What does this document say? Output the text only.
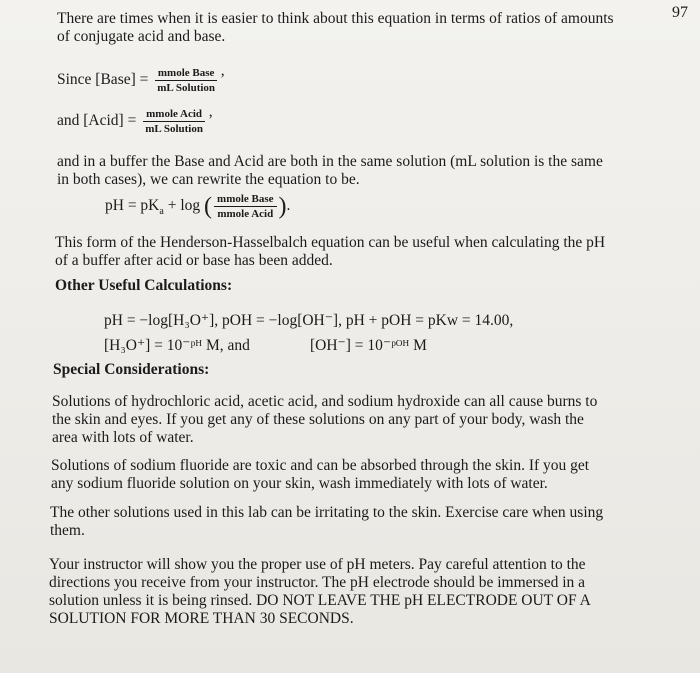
97
There are times when it is easier to think about this equation in terms of ratios of amounts
of conjugate acid and base.
Since [Base] = $\frac{\text{mmole Base}}{\text{mL Solution}}$ ’
and [Acid] = $\frac{\text{mmole Acid}}{\text{mL Solution}}$ ’
and in a buffer the Base and Acid are both in the same solution (mL solution is the same
in both cases), we can rewrite the equation to be.
pH = $pK_a + \log$ ( $\frac{\text{mmole Base}}{\text{mmole Acid}}$ ).
This form of the Henderson-Hasselbalch equation can be useful when calculating the pH
of a buffer after acid or base has been added.
Other Useful Calculations:
pH = −log[H₃O⁺], pOH = −log[OH⁻], pH + pOH = pKw = 14.00,
[H₃O⁺] = 10⁻ᵖᴴ M, and	[OH⁻] = 10⁻ᵖᴼᴴ M
Special Considerations:
Solutions of hydrochloric acid, acetic acid, and sodium hydroxide can all cause burns to
the skin and eyes. If you get any of these solutions on any part of your body, wash the
area with lots of water.
Solutions of sodium fluoride are toxic and can be absorbed through the skin. If you get
any sodium fluoride solution on your skin, wash immediately with lots of water.
The other solutions used in this lab can be irritating to the skin. Exercise care when using
them.
Your instructor will show you the proper use of pH meters. Pay careful attention to the
directions you receive from your instructor. The pH electrode should be immersed in a
solution unless it is being rinsed. DO NOT LEAVE THE pH ELECTRODE OUT OF A
SOLUTION FOR MORE THAN 30 SECONDS.
